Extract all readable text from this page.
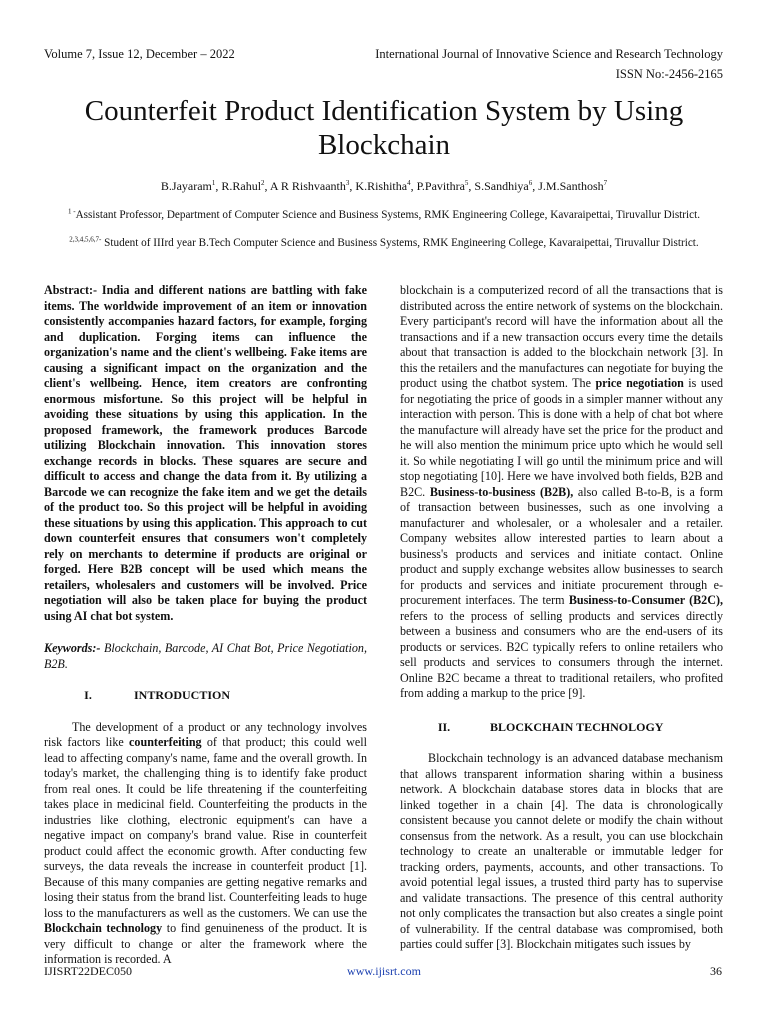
Volume 7, Issue 12, December – 2022	International Journal of Innovative Science and Research Technology
ISSN No:-2456-2165
Counterfeit Product Identification System by Using
Blockchain
B.Jayaram$^1$, R.Rahul$^2$, A R Rishvaanth$^3$, K.Rishitha$^4$, P.Pavithra$^5$, S.Sandhiya$^6$, J.M.Santhosh$^7$
$^{1 -}$Assistant Professor, Department of Computer Science and Business Systems, RMK Engineering College, Kavaraipettai, Tiruvallur District.
$^{2,3,4,5,6,7-}$ Student of IIIrd year B.Tech Computer Science and Business Systems, RMK Engineering College, Kavaraipettai, Tiruvallur District.

Abstract:- India and different nations are battling with fake items. The worldwide improvement of an item or innovation consistently accompanies hazard factors, for example, forging and duplication. Forging items can influence the organization's name and the client's wellbeing. Fake items are causing a significant impact on the organization and the client's wellbeing. Hence, item creators are confronting enormous misfortune. So this project will be helpful in avoiding these situations by using this application. In the proposed framework, the framework produces Barcode utilizing Blockchain innovation. This innovation stores exchange records in blocks. These squares are secure and difficult to access and change the data from it. By utilizing a Barcode we can recognize the fake item and we get the details of the product too. So this project will be helpful in avoiding these situations by using this application. This approach to cut down counterfeit ensures that consumers won't completely rely on merchants to determine if products are original or forged. Here B2B concept will be used which means the retailers, wholesalers and customers will be involved. Price negotiation will also be taken place for buying the product using AI chat bot system.

Keywords:- Blockchain, Barcode, AI Chat Bot, Price Negotiation, B2B.

I.	INTRODUCTION

The development of a product or any technology involves risk factors like counterfeiting of that product; this could well lead to affecting company's name, fame and the overall growth. In today's market, the challenging thing is to identify fake product from real ones. It could be life threatening if the counterfeiting takes place in medicinal field. Counterfeiting the products in the industries like clothing, electronic equipment's can have a negative impact on company's brand value. Rise in counterfeit product could affect the economic growth. After conducting few surveys, the data reveals the increase in counterfeit product [1]. Because of this many companies are getting negative remarks and losing their status from the brand list. Counterfeiting leads to huge loss to the manufacturers as well as the customers. We can use the Blockchain technology to find genuineness of the product. It is very difficult to change or alter the framework where the information is recorded. A

blockchain is a computerized record of all the transactions that is distributed across the entire network of systems on the blockchain. Every participant's record will have the information about all the transactions and if a new transaction occurs every time the details about that transaction is added to the blockchain network [3]. In this the retailers and the manufactures can negotiate for buying the product using the chatbot system. The price negotiation is used for negotiating the price of goods in a simpler manner without any interaction with person. This is done with a help of chat bot where the manufacture will already have set the price for the product and he will also mention the minimum price upto which he would sell it. So while negotiating I will go until the minimum price and will stop negotiating [10]. Here we have involved both fields, B2B and B2C. Business-to-business (B2B), also called B-to-B, is a form of transaction between businesses, such as one involving a manufacturer and wholesaler, or a wholesaler and a retailer. Company websites allow interested parties to learn about a business's products and services and initiate contact. Online product and supply exchange websites allow businesses to search for products and services and initiate procurement through e-procurement interfaces. The term Business-to-Consumer (B2C), refers to the process of selling products and services directly between a business and consumers who are the end-users of its products or services. B2C typically refers to online retailers who sell products and services to consumers through the internet. Online B2C became a threat to traditional retailers, who profited from adding a markup to the price [9].

II.	BLOCKCHAIN TECHNOLOGY

Blockchain technology is an advanced database mechanism that allows transparent information sharing within a business network. A blockchain database stores data in blocks that are linked together in a chain [4]. The data is chronologically consistent because you cannot delete or modify the chain without consensus from the network. As a result, you can use blockchain technology to create an unalterable or immutable ledger for tracking orders, payments, accounts, and other transactions. To avoid potential legal issues, a trusted third party has to supervise and validate transactions. The presence of this central authority not only complicates the transaction but also creates a single point of vulnerability. If the central database was compromised, both parties could suffer [3]. Blockchain mitigates such issues by

IJISRT22DEC050	www.ijisrt.com	36
